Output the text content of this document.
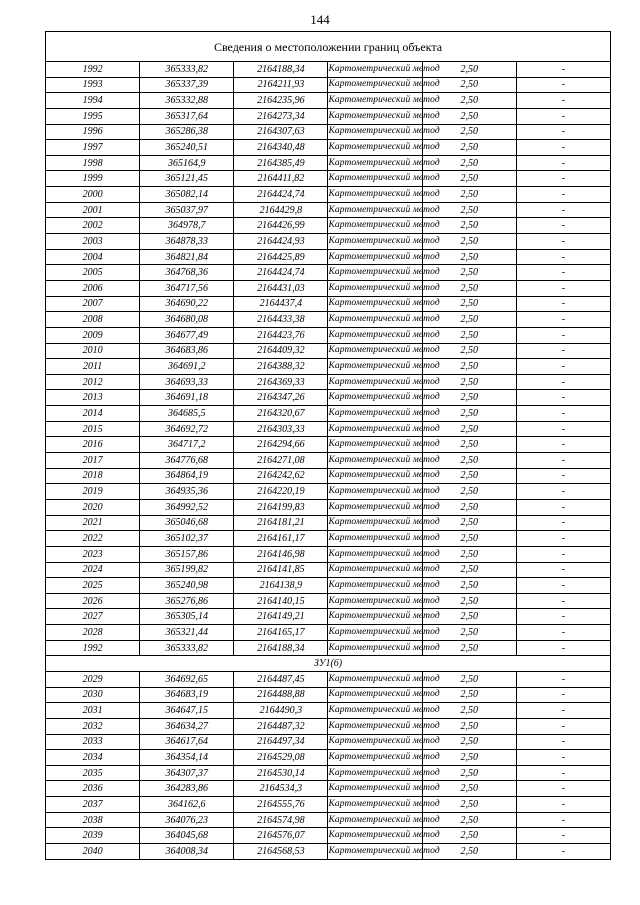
144
Сведения о местоположении границ объекта					
1992	365333,82	2164188,34	Картометрический метод	2,50	-
1993	365337,39	2164211,93	Картометрический метод	2,50	-
1994	365332,88	2164235,96	Картометрический метод	2,50	-
1995	365317,64	2164273,34	Картометрический метод	2,50	-
1996	365286,38	2164307,63	Картометрический метод	2,50	-
1997	365240,51	2164340,48	Картометрический метод	2,50	-
1998	365164,9	2164385,49	Картометрический метод	2,50	-
1999	365121,45	2164411,82	Картометрический метод	2,50	-
2000	365082,14	2164424,74	Картометрический метод	2,50	-
2001	365037,97	2164429,8	Картометрический метод	2,50	-
2002	364978,7	2164426,99	Картометрический метод	2,50	-
2003	364878,33	2164424,93	Картометрический метод	2,50	-
2004	364821,84	2164425,89	Картометрический метод	2,50	-
2005	364768,36	2164424,74	Картометрический метод	2,50	-
2006	364717,56	2164431,03	Картометрический метод	2,50	-
2007	364690,22	2164437,4	Картометрический метод	2,50	-
2008	364680,08	2164433,38	Картометрический метод	2,50	-
2009	364677,49	2164423,76	Картометрический метод	2,50	-
2010	364683,86	2164409,32	Картометрический метод	2,50	-
2011	364691,2	2164388,32	Картометрический метод	2,50	-
2012	364693,33	2164369,33	Картометрический метод	2,50	-
2013	364691,18	2164347,26	Картометрический метод	2,50	-
2014	364685,5	2164320,67	Картометрический метод	2,50	-
2015	364692,72	2164303,33	Картометрический метод	2,50	-
2016	364717,2	2164294,66	Картометрический метод	2,50	-
2017	364776,68	2164271,08	Картометрический метод	2,50	-
2018	364864,19	2164242,62	Картометрический метод	2,50	-
2019	364935,36	2164220,19	Картометрический метод	2,50	-
2020	364992,52	2164199,83	Картометрический метод	2,50	-
2021	365046,68	2164181,21	Картометрический метод	2,50	-
2022	365102,37	2164161,17	Картометрический метод	2,50	-
2023	365157,86	2164146,98	Картометрический метод	2,50	-
2024	365199,82	2164141,85	Картометрический метод	2,50	-
2025	365240,98	2164138,9	Картометрический метод	2,50	-
2026	365276,86	2164140,15	Картометрический метод	2,50	-
2027	365305,14	2164149,21	Картометрический метод	2,50	-
2028	365321,44	2164165,17	Картометрический метод	2,50	-
1992	365333,82	2164188,34	Картометрический метод	2,50	-
ЗУ1(6)					
2029	364692,65	2164487,45	Картометрический метод	2,50	-
2030	364683,19	2164488,88	Картометрический метод	2,50	-
2031	364647,15	2164490,3	Картометрический метод	2,50	-
2032	364634,27	2164487,32	Картометрический метод	2,50	-
2033	364617,64	2164497,34	Картометрический метод	2,50	-
2034	364354,14	2164529,08	Картометрический метод	2,50	-
2035	364307,37	2164530,14	Картометрический метод	2,50	-
2036	364283,86	2164534,3	Картометрический метод	2,50	-
2037	364162,6	2164555,76	Картометрический метод	2,50	-
2038	364076,23	2164574,98	Картометрический метод	2,50	-
2039	364045,68	2164576,07	Картометрический метод	2,50	-
2040	364008,34	2164568,53	Картометрический метод	2,50	-
